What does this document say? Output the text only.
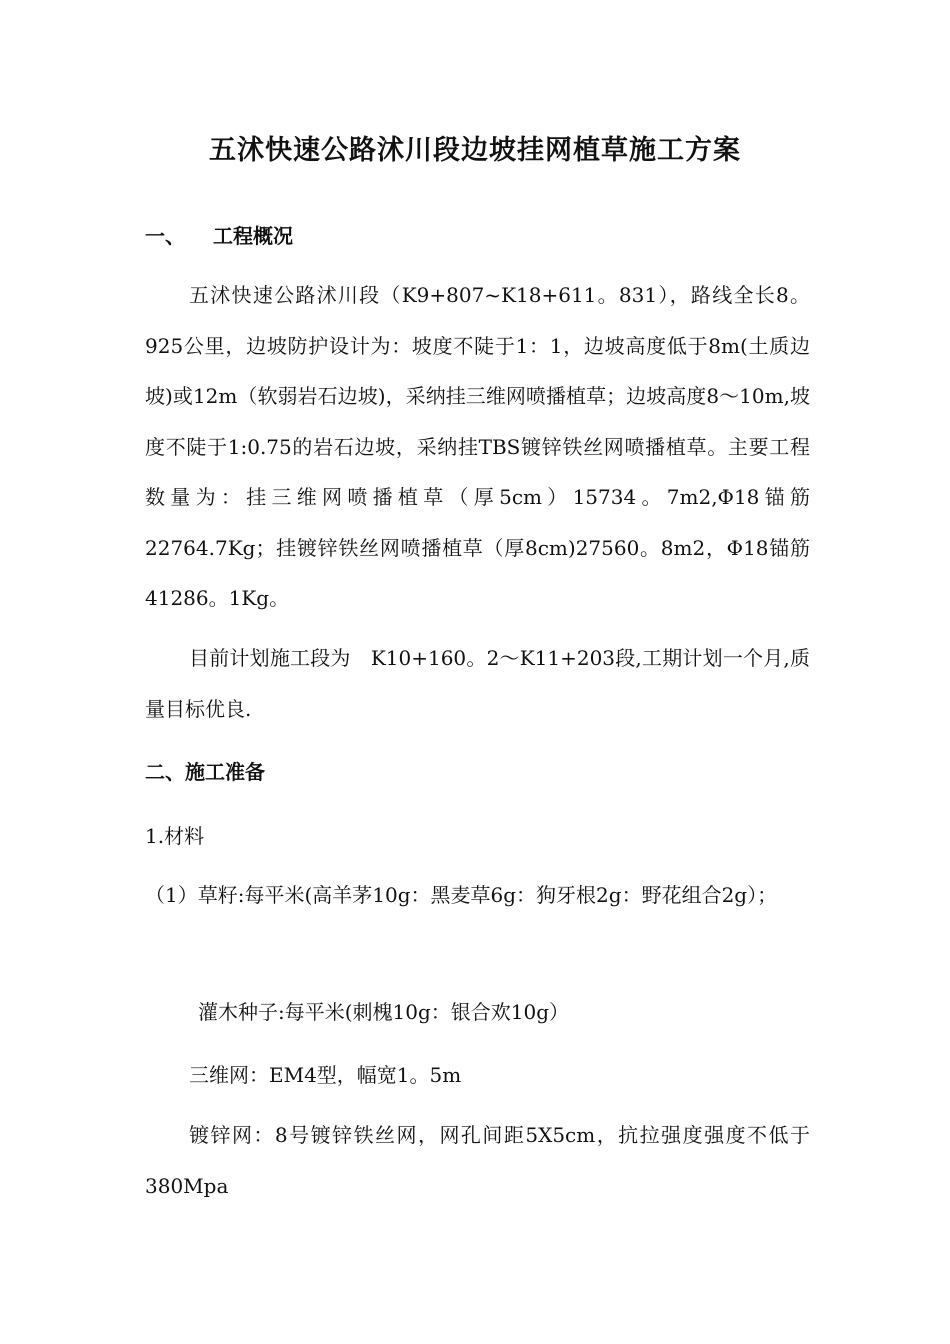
五沭快速公路沭川段边坡挂网植草施工方案
一、 工程概况
五沭快速公路沭川段（K9+807~K18+611。831），路线全长8。925公里，边坡防护设计为：坡度不陡于1：1，边坡高度低于8m(土质边坡)或12m（软弱岩石边坡)，采纳挂三维网喷播植草；边坡高度8～10m,坡度不陡于1:0.75的岩石边坡，采纳挂TBS镀锌铁丝网喷播植草。主要工程数量为：挂三维网喷播植草（厚5cm）15734。7m2,Φ18锚筋22764.7Kg；挂镀锌铁丝网喷播植草（厚8cm)27560。8m2，Φ18锚筋41286。1Kg。
目前计划施工段为　K10+160。2～K11+203段,工期计划一个月,质量目标优良.
二、施工准备
1.材料
（1）草籽:每平米(高羊茅10g：黑麦草6g：狗牙根2g：野花组合2g）；
灌木种子:每平米(刺槐10g：银合欢10g）
三维网：EM4型，幅宽1。5m
镀锌网：8号镀锌铁丝网，网孔间距5X5cm，抗拉强度强度不低于380Mpa
